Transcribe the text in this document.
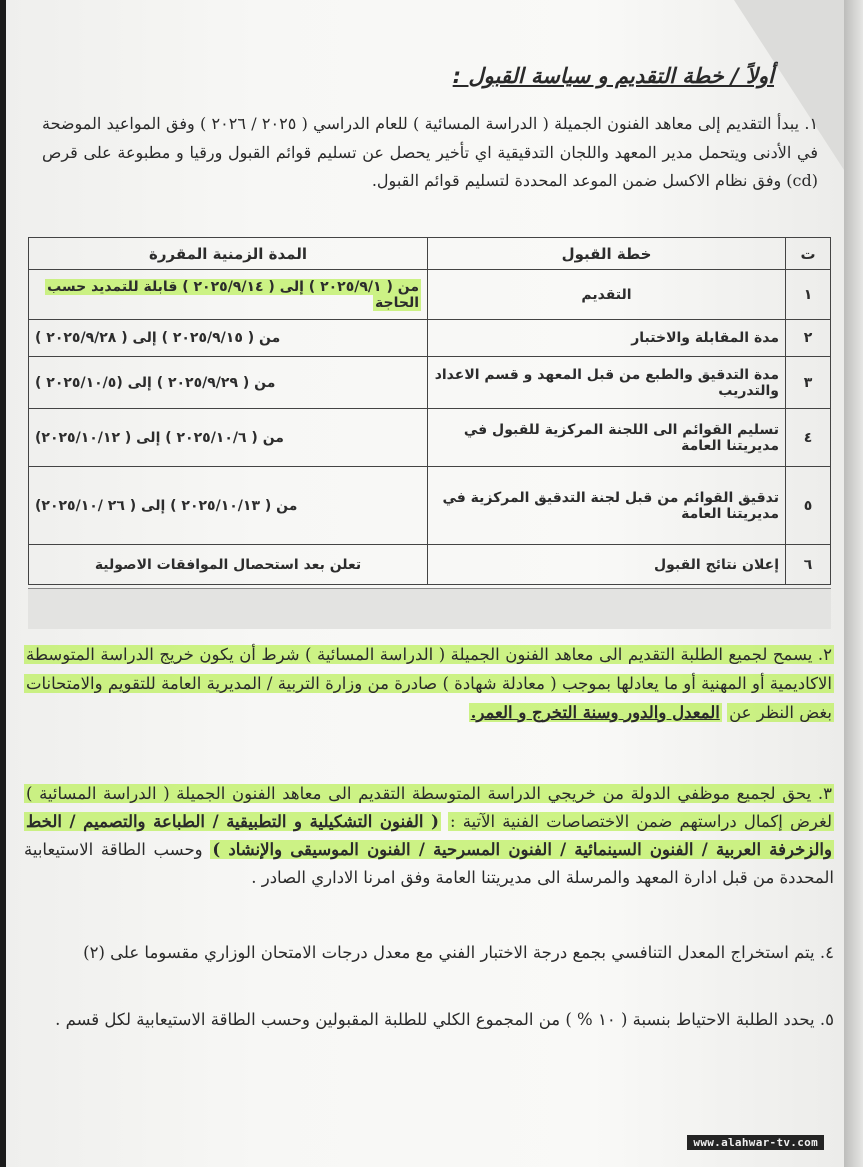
أولاً / خطة التقديم و سياسة القبول :
١. يبدأ التقديم إلى معاهد الفنون الجميلة ( الدراسة المسائية ) للعام الدراسي ( ٢٠٢٥ / ٢٠٢٦ ) وفق المواعيد الموضحة في الأدنى ويتحمل مدير المعهد واللجان التدقيقية اي تأخير يحصل عن تسليم قوائم القبول ورقيا و مطبوعة على قرص (cd) وفق نظام الاكسل ضمن الموعد المحددة لتسليم قوائم القبول.
ت	خطة القبول	المدة الزمنية المقررة
١	التقديم	من ( ٢٠٢٥/٩/١ ) إلى ( ٢٠٢٥/٩/١٤ ) قابلة للتمديد حسب الحاجة
٢	مدة المقابلة والاختبار	من ( ٢٠٢٥/٩/١٥ ) إلى ( ٢٠٢٥/٩/٢٨ )
٣	مدة التدقيق والطبع من قبل المعهد و قسم الاعداد والتدريب	من ( ٢٠٢٥/٩/٢٩ ) إلى (٢٠٢٥/١٠/٥ )
٤	تسليم القوائم الى اللجنة المركزية للقبول في مديريتنا العامة	من ( ٢٠٢٥/١٠/٦ ) إلى ( ٢٠٢٥/١٠/١٢)
٥	تدقيق القوائم من قبل لجنة التدقيق المركزية في مديريتنا العامة	من ( ٢٠٢٥/١٠/١٣ ) إلى ( ٢٦ /٢٠٢٥/١٠)
٦	إعلان نتائج القبول	تعلن بعد استحصال الموافقات الاصولية
٢. يسمح لجميع الطلبة التقديم الى معاهد الفنون الجميلة ( الدراسة المسائية ) شرط أن يكون خريج الدراسة المتوسطة الاكاديمية أو المهنية أو ما يعادلها بموجب ( معادلة شهادة ) صادرة من وزارة التربية / المديرية العامة للتقويم والامتحانات بغض النظر عن المعدل والدور وسنة التخرج و العمر.
٣. يحق لجميع موظفي الدولة من خريجي الدراسة المتوسطة التقديم الى معاهد الفنون الجميلة ( الدراسة المسائية ) لغرض إكمال دراستهم ضمن الاختصاصات الفنية الآتية : ( الفنون التشكيلية و التطبيقية / الطباعة والتصميم / الخط والزخرفة العربية / الفنون السينمائية / الفنون المسرحية / الفنون الموسيقى والإنشاد ) وحسب الطاقة الاستيعابية المحددة من قبل ادارة المعهد والمرسلة الى مديريتنا العامة وفق امرنا الاداري الصادر .
٤. يتم استخراج المعدل التنافسي بجمع درجة الاختبار الفني مع معدل درجات الامتحان الوزاري مقسوما على (٢)
٥. يحدد الطلبة الاحتياط بنسبة ( ١٠ % ) من المجموع الكلي للطلبة المقبولين وحسب الطاقة الاستيعابية لكل قسم .
www.alahwar-tv.com
